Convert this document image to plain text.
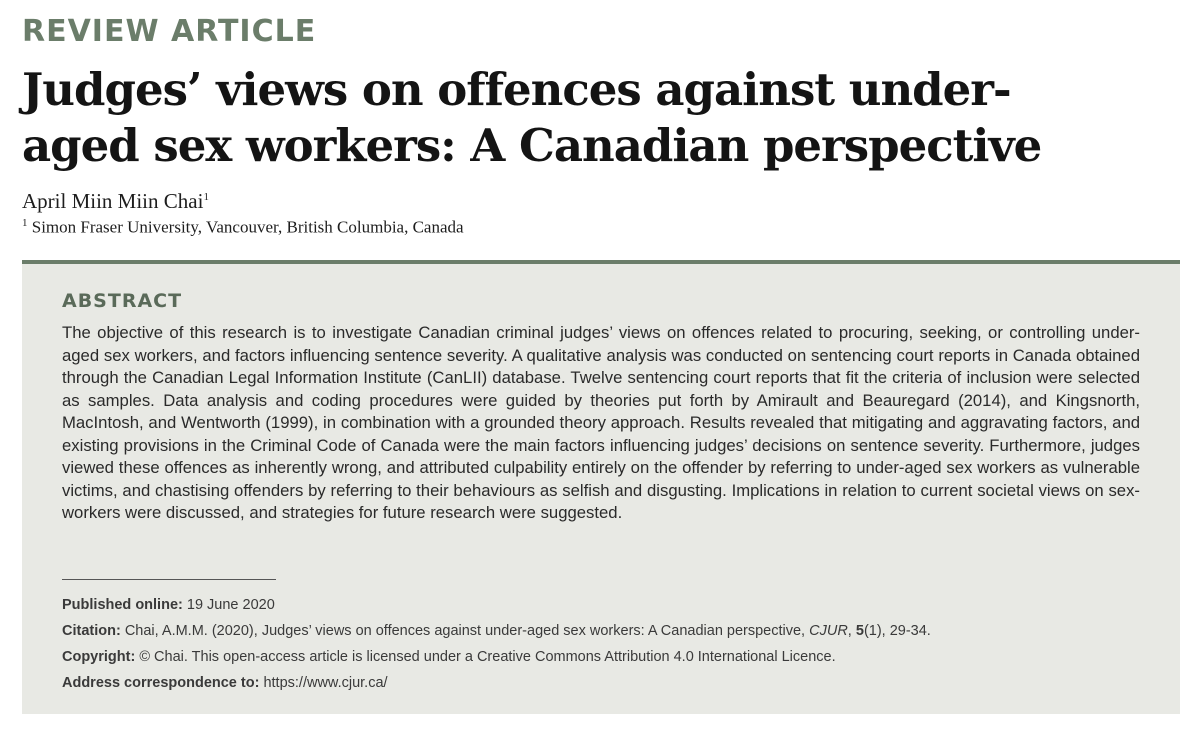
REVIEW ARTICLE
Judges’ views on offences against under-
aged sex workers: A Canadian perspective
April Miin Miin Chai$^1$
$^1$ Simon Fraser University, Vancouver, British Columbia, Canada
ABSTRACT

The objective of this research is to investigate Canadian criminal judges’ views on offences related to procuring, seeking, or controlling under-aged sex workers, and factors influencing sentence severity. A qualitative analysis was conducted on sentencing court reports in Canada obtained through the Canadian Legal Information Institute (CanLII) database. Twelve sentencing court reports that fit the criteria of inclusion were selected as samples. Data analysis and coding procedures were guided by theories put forth by Amirault and Beauregard (2014), and Kingsnorth, MacIntosh, and Wentworth (1999), in combination with a grounded theory approach. Results revealed that mitigating and aggravating factors, and existing provisions in the Criminal Code of Canada were the main factors influencing judges’ decisions on sentence severity. Furthermore, judges viewed these offences as inherently wrong, and attributed culpability entirely on the offender by referring to under-aged sex workers as vulnerable victims, and chastising offenders by referring to their behaviours as selfish and disgusting. Implications in relation to current societal views on sex-workers were discussed, and strategies for future research were suggested.

Published online: 19 June 2020
Citation: Chai, A.M.M. (2020), Judges’ views on offences against under-aged sex workers: A Canadian perspective, CJUR, 5(1), 29-34.
Copyright: © Chai. This open-access article is licensed under a Creative Commons Attribution 4.0 International Licence.
Address correspondence to: https://www.cjur.ca/
